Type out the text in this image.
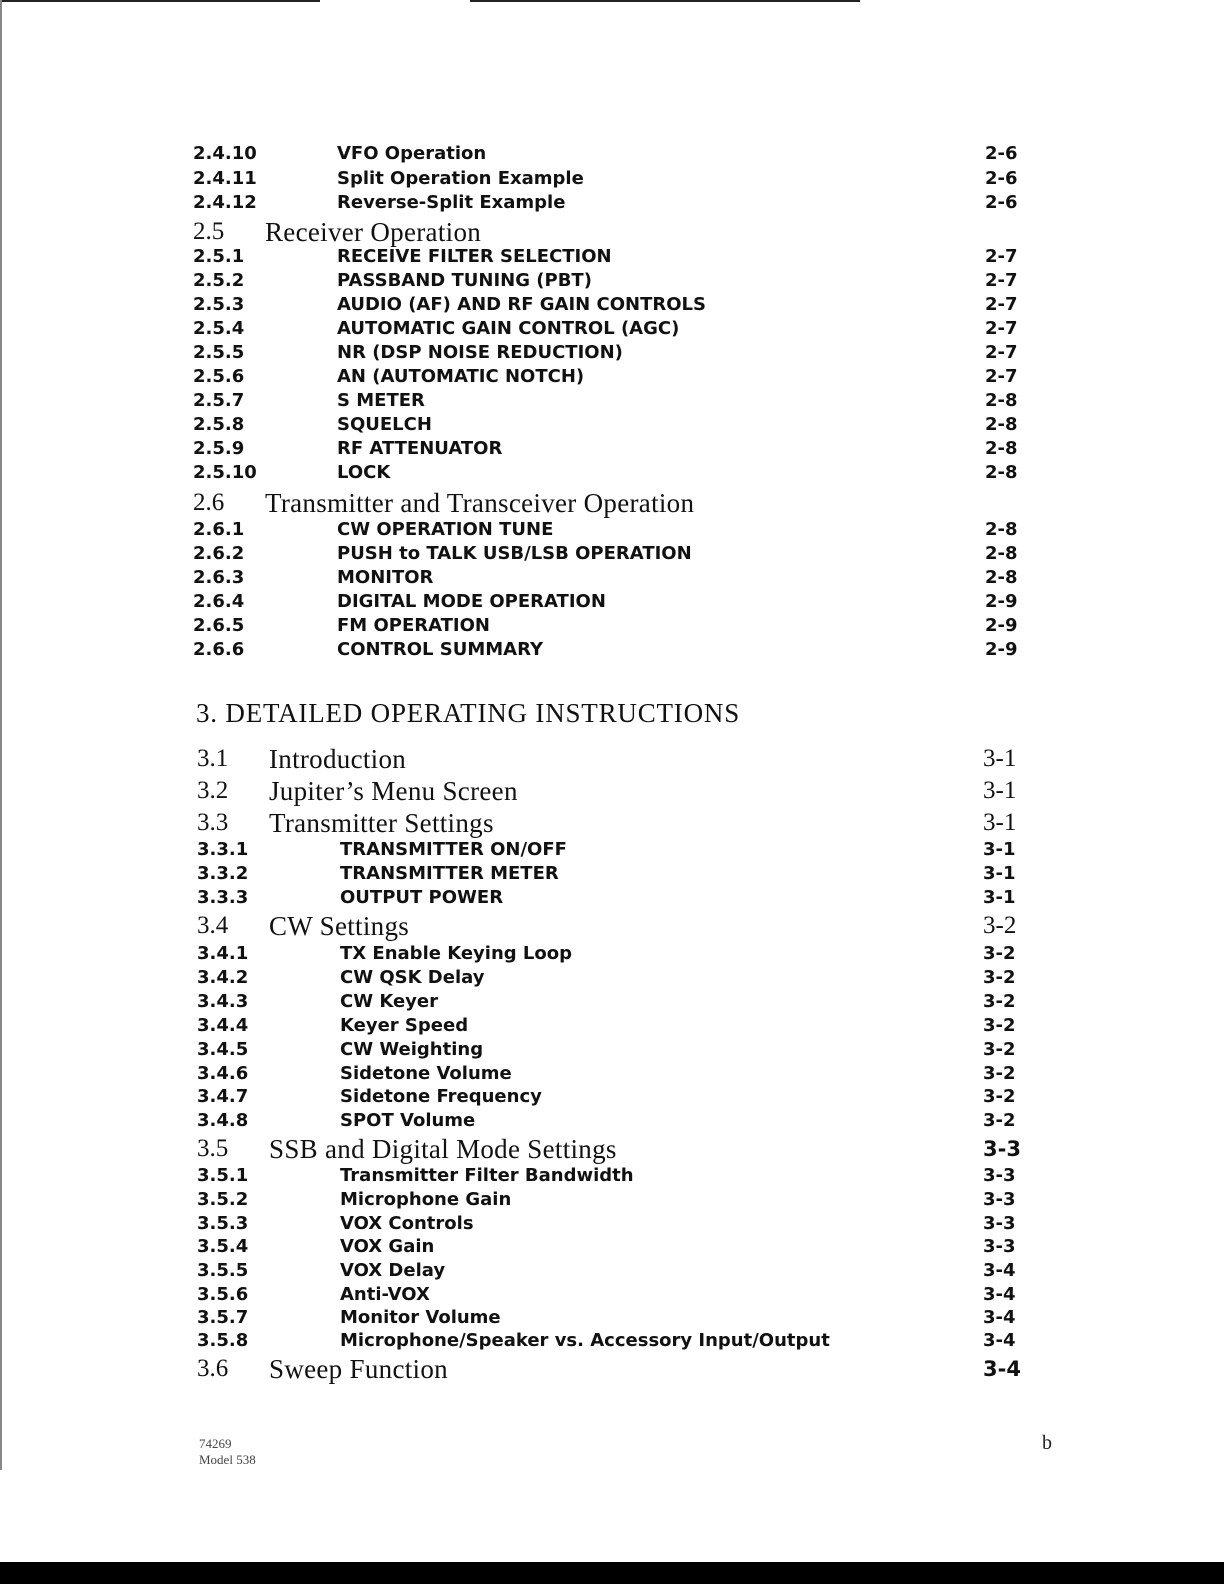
2.4.10	VFO Operation	2-6
2.4.11	Split Operation Example	2-6
2.4.12	Reverse-Split Example	2-6
2.5 Receiver Operation
2.5.1	RECEIVE FILTER SELECTION	2-7
2.5.2	PASSBAND TUNING (PBT)	2-7
2.5.3	AUDIO (AF) AND RF GAIN CONTROLS	2-7
2.5.4	AUTOMATIC GAIN CONTROL (AGC)	2-7
2.5.5	NR (DSP NOISE REDUCTION)	2-7
2.5.6	AN (AUTOMATIC NOTCH)	2-7
2.5.7	S METER	2-8
2.5.8	SQUELCH	2-8
2.5.9	RF ATTENUATOR	2-8
2.5.10	LOCK	2-8
2.6 Transmitter and Transceiver Operation
2.6.1	CW OPERATION TUNE	2-8
2.6.2	PUSH to TALK USB/LSB OPERATION	2-8
2.6.3	MONITOR	2-8
2.6.4	DIGITAL MODE OPERATION	2-9
2.6.5	FM OPERATION	2-9
2.6.6	CONTROL SUMMARY	2-9
3. DETAILED OPERATING INSTRUCTIONS
3.1 Introduction	3-1
3.2 Jupiter’s Menu Screen	3-1
3.3 Transmitter Settings	3-1
3.3.1	TRANSMITTER ON/OFF	3-1
3.3.2	TRANSMITTER METER	3-1
3.3.3	OUTPUT POWER	3-1
3.4 CW Settings	3-2
3.4.1	TX Enable Keying Loop	3-2
3.4.2	CW QSK Delay	3-2
3.4.3	CW Keyer	3-2
3.4.4	Keyer Speed	3-2
3.4.5	CW Weighting	3-2
3.4.6	Sidetone Volume	3-2
3.4.7	Sidetone Frequency	3-2
3.4.8	SPOT Volume	3-2
3.5 SSB and Digital Mode Settings	3-3
3.5.1	Transmitter Filter Bandwidth	3-3
3.5.2	Microphone Gain	3-3
3.5.3	VOX Controls	3-3
3.5.4	VOX Gain	3-3
3.5.5	VOX Delay	3-4
3.5.6	Anti-VOX	3-4
3.5.7	Monitor Volume	3-4
3.5.8	Microphone/Speaker vs. Accessory Input/Output	3-4
3.6 Sweep Function	3-4
74269
Model 538
b
